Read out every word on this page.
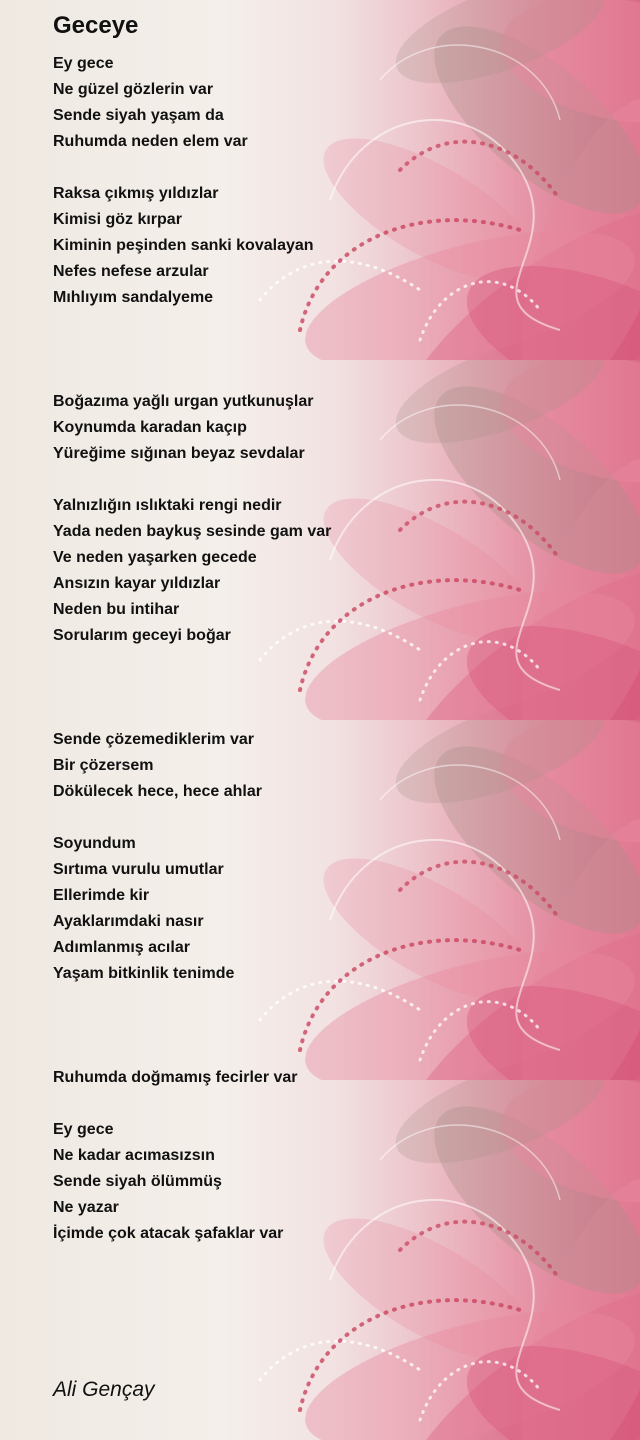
Geceye
Ey gece
Ne güzel gözlerin var
Sende siyah yaşam da
Ruhumda neden elem var
Raksa çıkmış yıldızlar
Kimisi göz kırpar
Kiminin peşinden sanki kovalayan
Nefes nefese arzular
Mıhlıyım sandalyeme
Boğazıma yağlı urgan yutkunuşlar
Koynumda karadan kaçıp
Yüreğime sığınan beyaz sevdalar
Yalnızlığın ıslıktaki rengi nedir
Yada neden baykuş sesinde gam var
Ve neden yaşarken gecede
Ansızın kayar yıldızlar
Neden bu intihar
Sorularım geceyi boğar
Sende çözemediklerim var
Bir çözersem
Dökülecek hece, hece ahlar
Soyundum
Sırtıma vurulu umutlar
Ellerimde kir
Ayaklarımdaki nasır
Adımlanmış acılar
Yaşam bitkinlik tenimde
Ruhumda doğmamış fecirler var
Ey gece
Ne kadar acımasızsın
Sende siyah ölümmüş
Ne yazar
İçimde çok atacak şafaklar var
Ali Gençay
